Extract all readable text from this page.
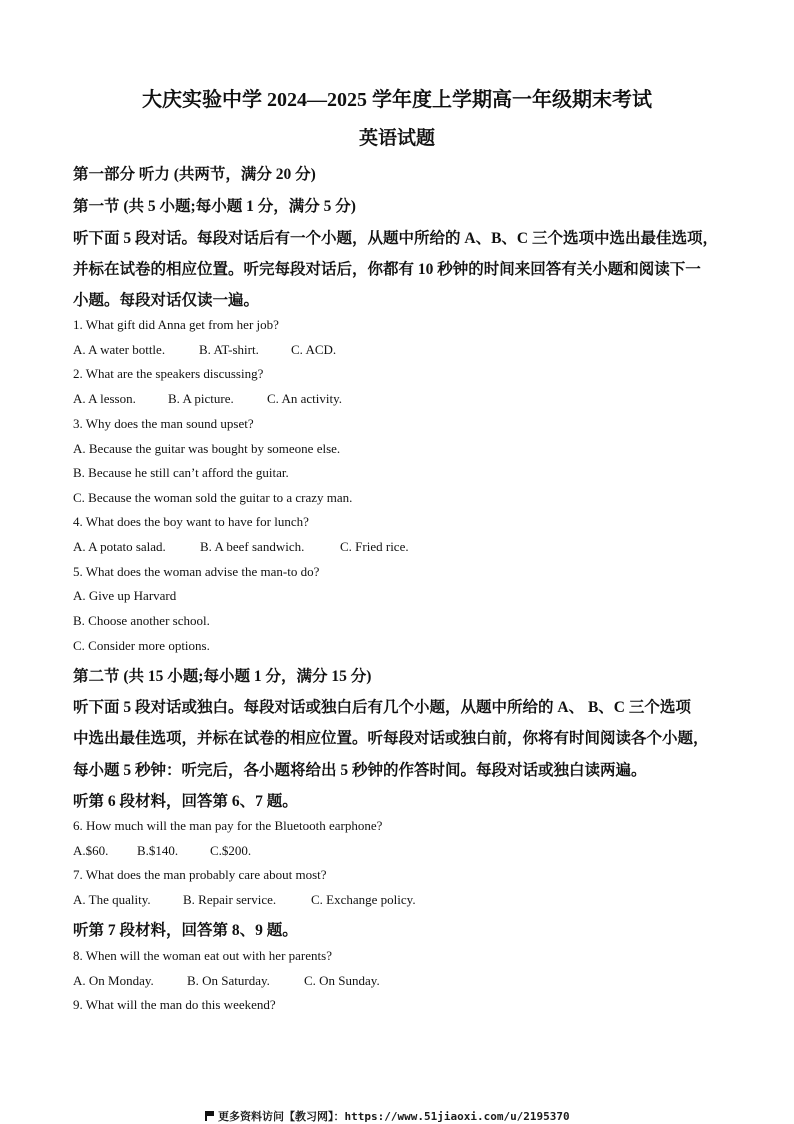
大庆实验中学 2024—2025 学年度上学期高一年级期末考试
英语试题
第一部分 听力 (共两节，满分 20 分)
第一节 (共 5 小题;每小题 1 分，满分 5 分)
听下面 5 段对话。每段对话后有一个小题，从题中所给的 A、B、C 三个选项中选出最佳选项，
并标在试卷的相应位置。听完每段对话后，你都有 10 秒钟的时间来回答有关小题和阅读下一
小题。每段对话仅读一遍。
1. What gift did Anna get from her job?
A. A water bottle.	B. AT-shirt. C. ACD.
2. What are the speakers discussing?
A. A lesson. B. A picture.	C. An activity.
3. Why does the man sound upset?
A. Because the guitar was bought by someone else.
B. Because he still can’t afford the guitar.
C. Because the woman sold the guitar to a crazy man.
4. What does the boy want to have for lunch?
A. A potato salad.	B. A beef sandwich.	C. Fried rice.
5. What does the woman advise the man-to do?
A. Give up Harvard
B. Choose another school.
C. Consider more options.
第二节 (共 15 小题;每小题 1 分，满分 15 分)
听下面 5 段对话或独白。每段对话或独白后有几个小题，从题中所给的 A、 B、C 三个选项
中选出最佳选项，并标在试卷的相应位置。听每段对话或独白前，你将有时间阅读各个小题，
每小题 5 秒钟：听完后，各小题将给出 5 秒钟的作答时间。每段对话或独白读两遍。
听第 6 段材料，回答第 6、7 题。
6. How much will the man pay for the Bluetooth earphone?
A.$60. B.$140. C.$200.
7. What does the man probably care about most?
A. The quality. B. Repair service.	C. Exchange policy.
听第 7 段材料，回答第 8、9 题。
8. When will the woman eat out with her parents?
A. On Monday.	B. On Saturday.	C. On Sunday.
9. What will the man do this weekend?
更多资料访问【教习网】：https://www.51jiaoxi.com/u/2195370
